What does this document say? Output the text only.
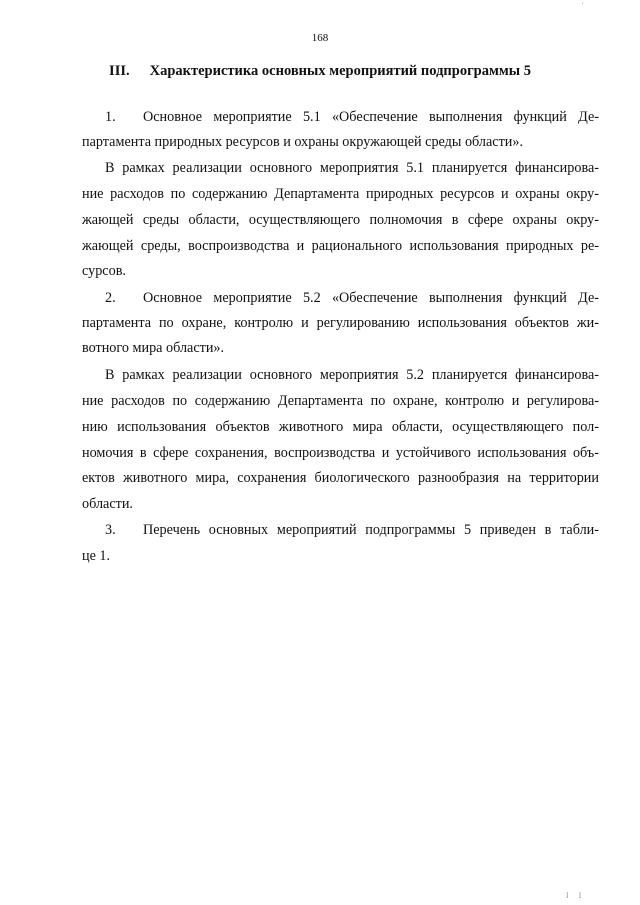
'
168
III. Характеристика основных мероприятий подпрограммы 5
1. Основное мероприятие 5.1 «Обеспечение выполнения функций Де-
партамента природных ресурсов и охраны окружающей среды области».
В рамках реализации основного мероприятия 5.1 планируется финансирова-
ние расходов по содержанию Департамента природных ресурсов и охраны окру-
жающей среды области, осуществляющего полномочия в сфере охраны окру-
жающей среды, воспроизводства и рационального использования природных ре-
сурсов.
2. Основное мероприятие 5.2 «Обеспечение выполнения функций Де-
партамента по охране, контролю и регулированию использования объектов жи-
вотного мира области».
В рамках реализации основного мероприятия 5.2 планируется финансирова-
ние расходов по содержанию Департамента по охране, контролю и регулирова-
нию использования объектов животного мира области, осуществляющего пол-
номочия в сфере сохранения, воспроизводства и устойчивого использования объ-
ектов животного мира, сохранения биологического разнообразия на территории
области.
3. Перечень основных мероприятий подпрограммы 5 приведен в табли-
це 1.
I I
